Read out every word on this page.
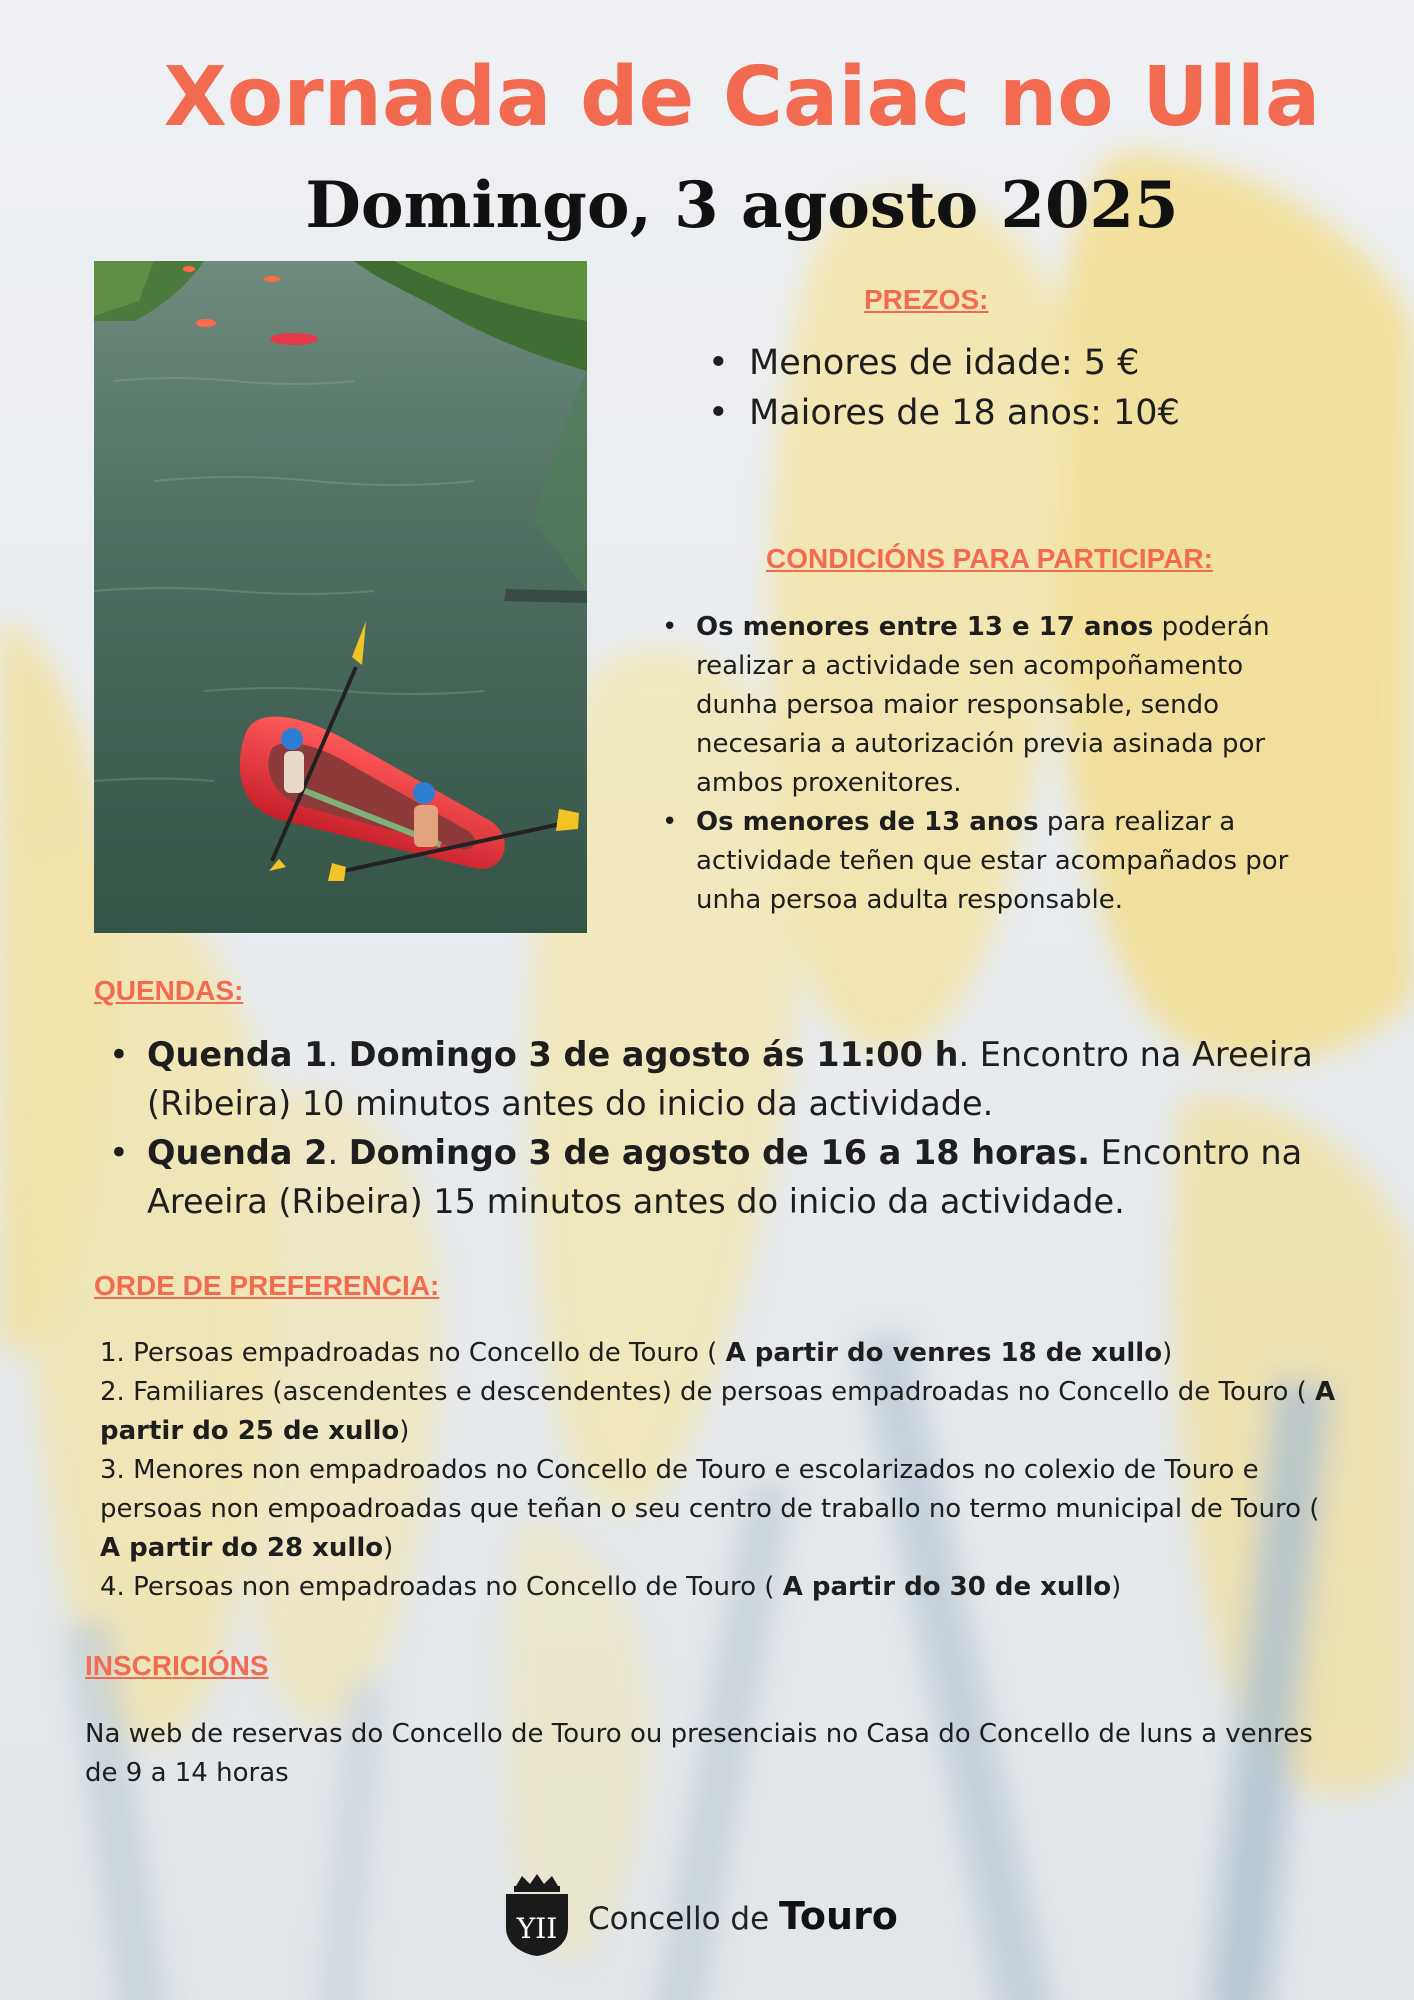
Xornada de Caiac no Ulla
Domingo, 3 agosto 2025
PREZOS:
• Menores de idade: 5 €
• Maiores de 18 anos: 10€
CONDICIÓNS PARA PARTICIPAR:
• Os menores entre 13 e 17 anos poderán realizar a actividade sen acompoñamento dunha persoa maior responsable, sendo necesaria a autorización previa asinada por ambos proxenitores.
• Os menores de 13 anos para realizar a actividade teñen que estar acompañados por unha persoa adulta responsable.
QUENDAS:
• Quenda 1. Domingo 3 de agosto ás 11:00 h. Encontro na Areeira (Ribeira) 10 minutos antes do inicio da actividade.
• Quenda 2. Domingo 3 de agosto de 16 a 18 horas. Encontro na Areeira (Ribeira) 15 minutos antes do inicio da actividade.
ORDE DE PREFERENCIA:

1. Persoas empadroadas no Concello de Touro ( A partir do venres 18 de xullo)

2. Familiares (ascendentes e descendentes) de persoas empadroadas no Concello de Touro ( A partir do 25 de xullo)

3. Menores non empadroados no Concello de Touro e escolarizados no colexio de Touro e persoas non empoadroadas que teñan o seu centro de traballo no termo municipal de Touro ( A partir do 28 xullo)

4. Persoas non empadroadas no Concello de Touro ( A partir do 30 de xullo)

INSCRICIÓNS
Na web de reservas do Concello de Touro ou presenciais no Casa do Concello de luns a venres de 9 a 14 horas
YII Concello de Touro
